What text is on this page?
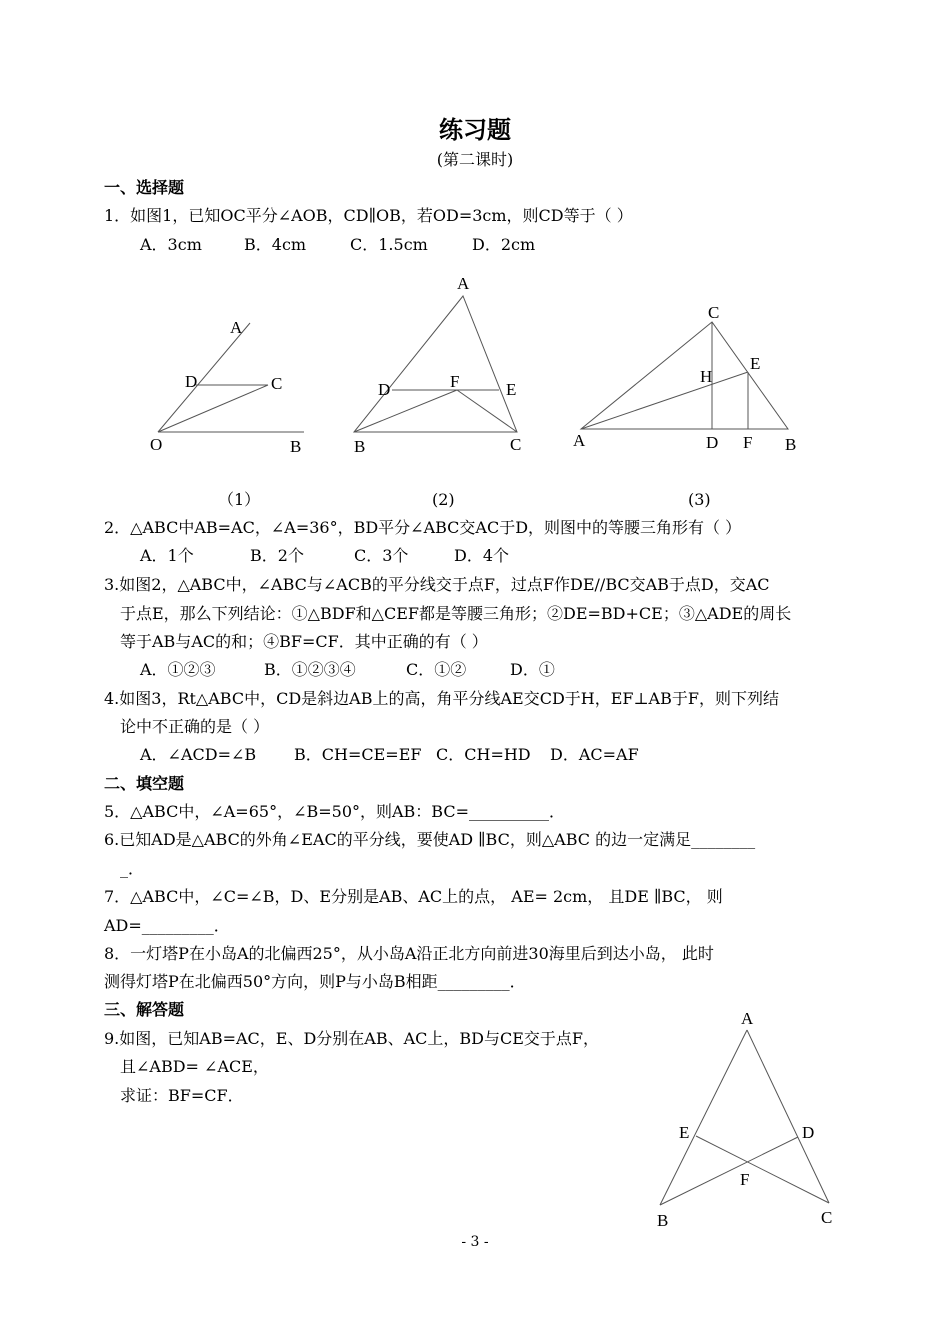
练习题
(第二课时)
一、选择题
1．如图1，已知OC平分∠AOB，CD∥OB，若OD=3cm，则CD等于（ ）
A．3cm	B．4cm	C．1.5cm	D．2cm
A
D	C
O	B
A
D	F	E
B	C
C
E
H
A	D F B
A
E	D
F
B	C
（1）	(2)	(3)
2．△ABC中AB=AC，∠A=36°，BD平分∠ABC交AC于D，则图中的等腰三角形有（ ）
A．1个	B．2个	C．3个	D．4个
3.如图2，△ABC中，∠ABC与∠ACB的平分线交于点F，过点F作DE//BC交AB于点D，交AC
于点E，那么下列结论：①△BDF和△CEF都是等腰三角形；②DE=BD+CE；③△ADE的周长
等于AB与AC的和；④BF=CF．其中正确的有（ ）
A．①②③	B．①②③④	C．①②	D．①
4.如图3，Rt△ABC中，CD是斜边AB上的高，角平分线AE交CD于H，EF⊥AB于F，则下列结
论中不正确的是（ ）
A．∠ACD=∠B B．CH=CE=EF C．CH=HD D．AC=AF
二、填空题
5．△ABC中，∠A=65°，∠B=50°，则AB：BC=__________．
6.已知AD是△ABC的外角∠EAC的平分线，要使AD ∥BC，则△ABC 的边一定满足________
_．
7．△ABC中，∠C=∠B，D、E分别是AB、AC上的点， AE= 2cm， 且DE ∥BC， 则
AD=_________．
8．一灯塔P在小岛A的北偏西25°，从小岛A沿正北方向前进30海里后到达小岛， 此时
测得灯塔P在北偏西50°方向，则P与小岛B相距_________．
三、解答题
9.如图，已知AB=AC，E、D分别在AB、AC上，BD与CE交于点F，
且∠ABD= ∠ACE，
求证：BF=CF．
- 3 -
